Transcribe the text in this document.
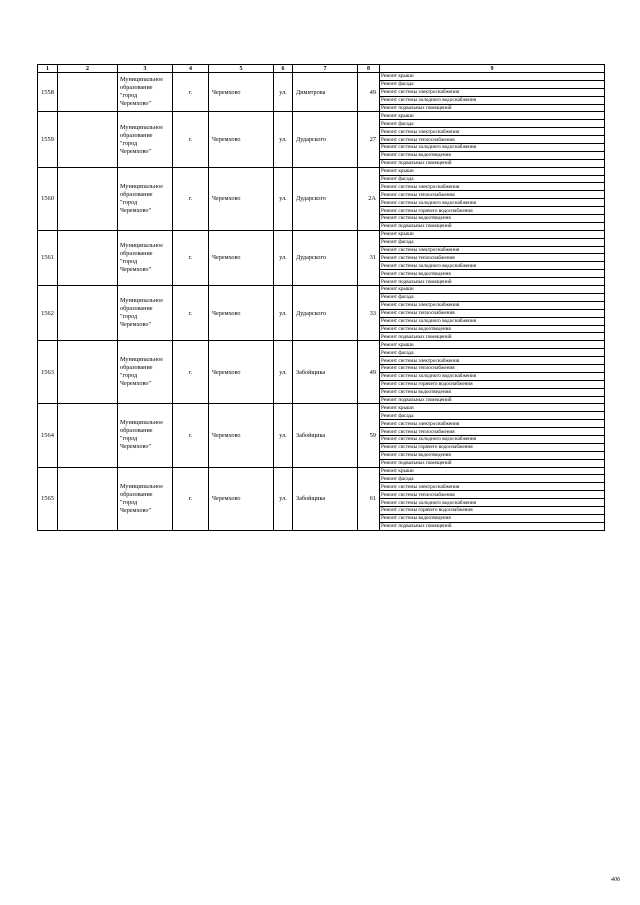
1	2	3	4	5	6	7	8	9
1558		Муниципальное
образование
"город
Черемхово"	г.	Черемхово	ул.	Димитрова	49	Ремонт крыши
								Ремонт фасада
								Ремонт системы электроснабжения
								Ремонт системы холодного водоснабжения
								Ремонт подвальных помещений
1559		Муниципальное
образование
"город
Черемхово"	г.	Черемхово	ул.	Дударского	27	Ремонт крыши
								Ремонт фасада
								Ремонт системы электроснабжения
								Ремонт системы теплоснабжения
								Ремонт системы холодного водоснабжения
								Ремонт системы водоотведения
								Ремонт подвальных помещений
1560		Муниципальное
образование
"город
Черемхово"	г.	Черемхово	ул.	Дударского	2А	Ремонт крыши
								Ремонт фасада
								Ремонт системы электроснабжения
								Ремонт системы теплоснабжения
								Ремонт системы холодного водоснабжения
								Ремонт системы горячего водоснабжения
								Ремонт системы водоотведения
								Ремонт подвальных помещений
1561		Муниципальное
образование
"город
Черемхово"	г.	Черемхово	ул.	Дударского	31	Ремонт крыши
								Ремонт фасада
								Ремонт системы электроснабжения
								Ремонт системы теплоснабжения
								Ремонт системы холодного водоснабжения
								Ремонт системы водоотведения
								Ремонт подвальных помещений
1562		Муниципальное
образование
"город
Черемхово"	г.	Черемхово	ул.	Дударского	33	Ремонт крыши
								Ремонт фасада
								Ремонт системы электроснабжения
								Ремонт системы теплоснабжения
								Ремонт системы холодного водоснабжения
								Ремонт системы водоотведения
								Ремонт подвальных помещений
1563		Муниципальное
образование
"город
Черемхово"	г.	Черемхово	ул.	Забойщика	49	Ремонт крыши
								Ремонт фасада
								Ремонт системы электроснабжения
								Ремонт системы теплоснабжения
								Ремонт системы холодного водоснабжения
								Ремонт системы горячего водоснабжения
								Ремонт системы водоотведения
								Ремонт подвальных помещений
1564		Муниципальное
образование
"город
Черемхово"	г.	Черемхово	ул.	Забойщика	59	Ремонт крыши
								Ремонт фасада
								Ремонт системы электроснабжения
								Ремонт системы теплоснабжения
								Ремонт системы холодного водоснабжения
								Ремонт системы горячего водоснабжения
								Ремонт системы водоотведения
								Ремонт подвальных помещений
1565		Муниципальное
образование
"город
Черемхово"	г.	Черемхово	ул.	Забойщика	61	Ремонт крыши
								Ремонт фасада
								Ремонт системы электроснабжения
								Ремонт системы теплоснабжения
								Ремонт системы холодного водоснабжения
								Ремонт системы горячего водоснабжения
								Ремонт системы водоотведения
								Ремонт подвальных помещений
406
